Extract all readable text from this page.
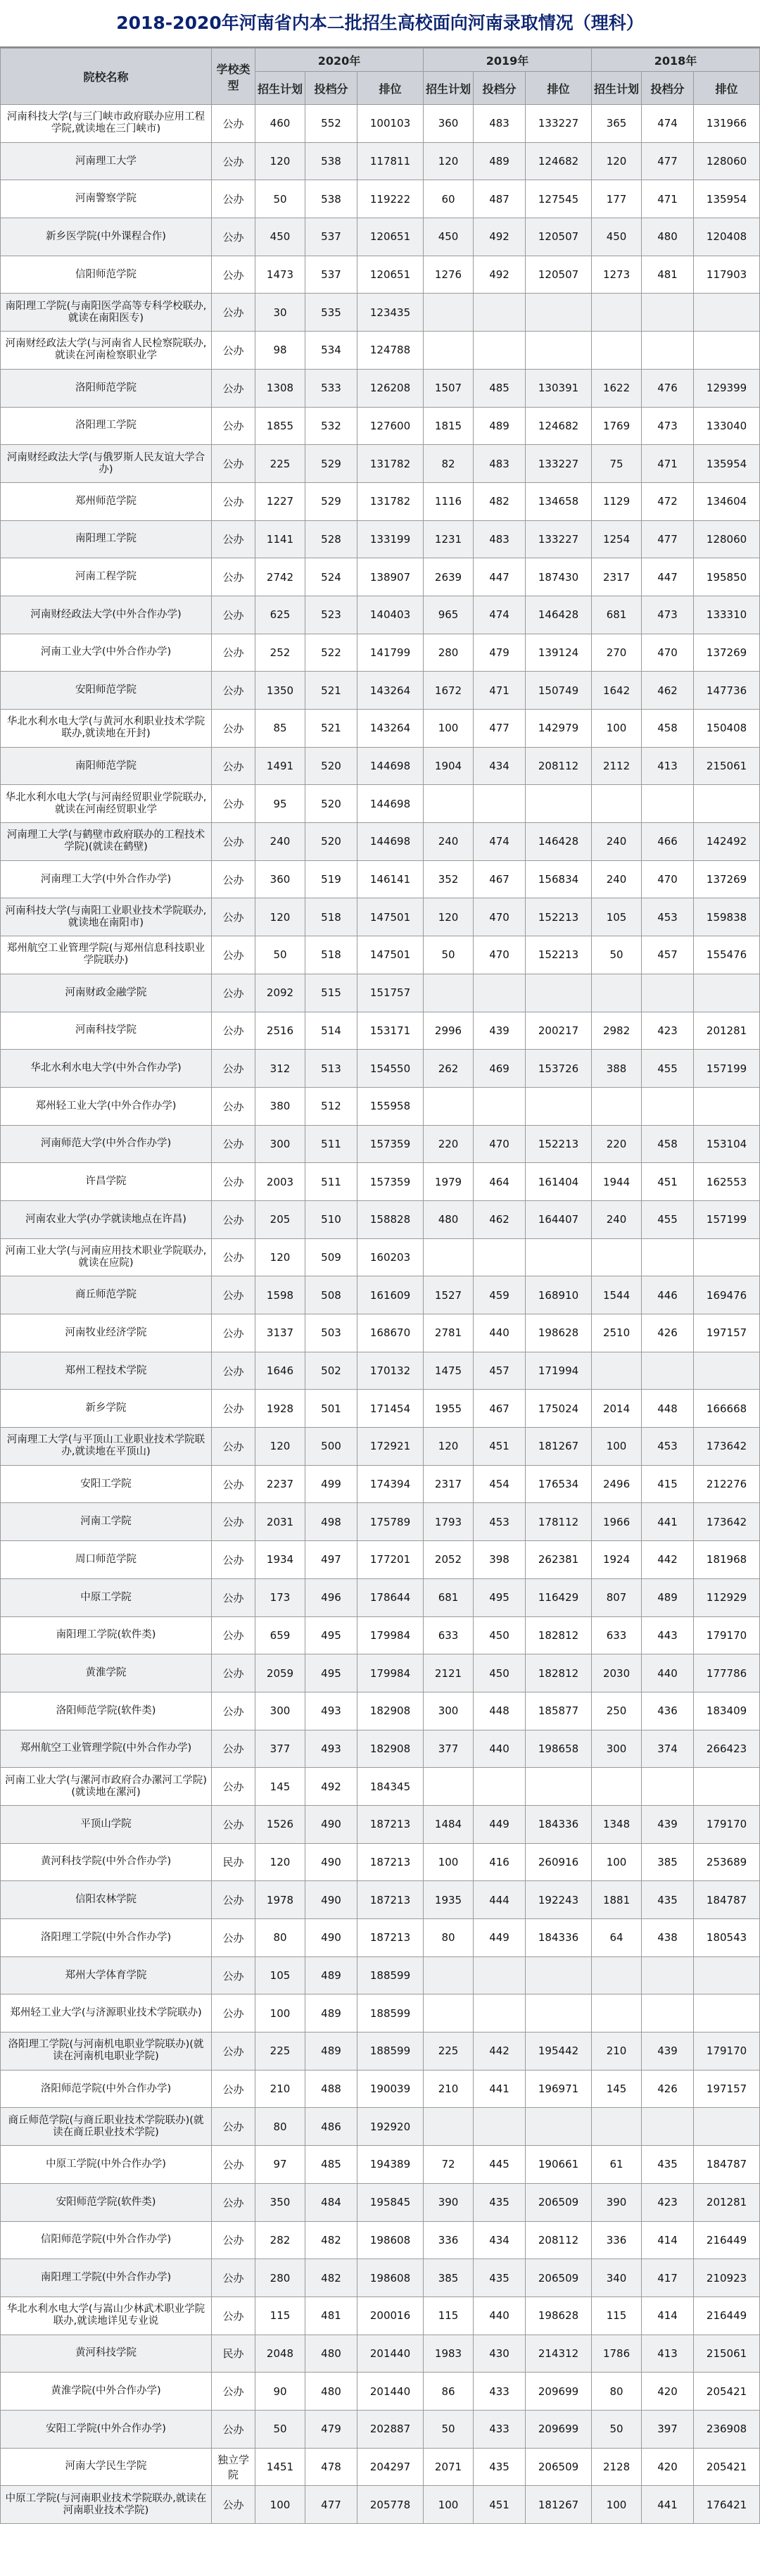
2018-2020年河南省内本二批招生高校面向河南录取情况（理科）
院校名称	学校类型	2020年			2019年			2018年		
		招生计划	投档分	排位	招生计划	投档分	排位	招生计划	投档分	排位
河南科技大学(与三门峡市政府联办应用工程学院,就读地在三门峡市)	公办	460	552	100103	360	483	133227	365	474	131966
河南理工大学	公办	120	538	117811	120	489	124682	120	477	128060
河南警察学院	公办	50	538	119222	60	487	127545	177	471	135954
新乡医学院(中外课程合作)	公办	450	537	120651	450	492	120507	450	480	120408
信阳师范学院	公办	1473	537	120651	1276	492	120507	1273	481	117903
南阳理工学院(与南阳医学高等专科学校联办,就读在南阳医专)	公办	30	535	123435						
河南财经政法大学(与河南省人民检察院联办,就读在河南检察职业学	公办	98	534	124788						
洛阳师范学院	公办	1308	533	126208	1507	485	130391	1622	476	129399
洛阳理工学院	公办	1855	532	127600	1815	489	124682	1769	473	133040
河南财经政法大学(与俄罗斯人民友谊大学合办)	公办	225	529	131782	82	483	133227	75	471	135954
郑州师范学院	公办	1227	529	131782	1116	482	134658	1129	472	134604
南阳理工学院	公办	1141	528	133199	1231	483	133227	1254	477	128060
河南工程学院	公办	2742	524	138907	2639	447	187430	2317	447	195850
河南财经政法大学(中外合作办学)	公办	625	523	140403	965	474	146428	681	473	133310
河南工业大学(中外合作办学)	公办	252	522	141799	280	479	139124	270	470	137269
安阳师范学院	公办	1350	521	143264	1672	471	150749	1642	462	147736
华北水利水电大学(与黄河水利职业技术学院联办,就读地在开封)	公办	85	521	143264	100	477	142979	100	458	150408
南阳师范学院	公办	1491	520	144698	1904	434	208112	2112	413	215061
华北水利水电大学(与河南经贸职业学院联办,就读在河南经贸职业学	公办	95	520	144698						
河南理工大学(与鹤壁市政府联办的工程技术学院)(就读在鹤壁)	公办	240	520	144698	240	474	146428	240	466	142492
河南理工大学(中外合作办学)	公办	360	519	146141	352	467	156834	240	470	137269
河南科技大学(与南阳工业职业技术学院联办,就读地在南阳市)	公办	120	518	147501	120	470	152213	105	453	159838
郑州航空工业管理学院(与郑州信息科技职业学院联办)	公办	50	518	147501	50	470	152213	50	457	155476
河南财政金融学院	公办	2092	515	151757						
河南科技学院	公办	2516	514	153171	2996	439	200217	2982	423	201281
华北水利水电大学(中外合作办学)	公办	312	513	154550	262	469	153726	388	455	157199
郑州轻工业大学(中外合作办学)	公办	380	512	155958						
河南师范大学(中外合作办学)	公办	300	511	157359	220	470	152213	220	458	153104
许昌学院	公办	2003	511	157359	1979	464	161404	1944	451	162553
河南农业大学(办学就读地点在许昌)	公办	205	510	158828	480	462	164407	240	455	157199
河南工业大学(与河南应用技术职业学院联办,就读在应院)	公办	120	509	160203						
商丘师范学院	公办	1598	508	161609	1527	459	168910	1544	446	169476
河南牧业经济学院	公办	3137	503	168670	2781	440	198628	2510	426	197157
郑州工程技术学院	公办	1646	502	170132	1475	457	171994			
新乡学院	公办	1928	501	171454	1955	467	175024	2014	448	166668
河南理工大学(与平顶山工业职业技术学院联办,就读地在平顶山)	公办	120	500	172921	120	451	181267	100	453	173642
安阳工学院	公办	2237	499	174394	2317	454	176534	2496	415	212276
河南工学院	公办	2031	498	175789	1793	453	178112	1966	441	173642
周口师范学院	公办	1934	497	177201	2052	398	262381	1924	442	181968
中原工学院	公办	173	496	178644	681	495	116429	807	489	112929
南阳理工学院(软件类)	公办	659	495	179984	633	450	182812	633	443	179170
黄淮学院	公办	2059	495	179984	2121	450	182812	2030	440	177786
洛阳师范学院(软件类)	公办	300	493	182908	300	448	185877	250	436	183409
郑州航空工业管理学院(中外合作办学)	公办	377	493	182908	377	440	198658	300	374	266423
河南工业大学(与漯河市政府合办漯河工学院)(就读地在漯河)	公办	145	492	184345						
平顶山学院	公办	1526	490	187213	1484	449	184336	1348	439	179170
黄河科技学院(中外合作办学)	民办	120	490	187213	100	416	260916	100	385	253689
信阳农林学院	公办	1978	490	187213	1935	444	192243	1881	435	184787
洛阳理工学院(中外合作办学)	公办	80	490	187213	80	449	184336	64	438	180543
郑州大学体育学院	公办	105	489	188599						
郑州轻工业大学(与济源职业技术学院联办)	公办	100	489	188599						
洛阳理工学院(与河南机电职业学院联办)(就读在河南机电职业学院)	公办	225	489	188599	225	442	195442	210	439	179170
洛阳师范学院(中外合作办学)	公办	210	488	190039	210	441	196971	145	426	197157
商丘师范学院(与商丘职业技术学院联办)(就读在商丘职业技术学院)	公办	80	486	192920						
中原工学院(中外合作办学)	公办	97	485	194389	72	445	190661	61	435	184787
安阳师范学院(软件类)	公办	350	484	195845	390	435	206509	390	423	201281
信阳师范学院(中外合作办学)	公办	282	482	198608	336	434	208112	336	414	216449
南阳理工学院(中外合作办学)	公办	280	482	198608	385	435	206509	340	417	210923
华北水利水电大学(与嵩山少林武术职业学院联办,就读地详见专业说	公办	115	481	200016	115	440	198628	115	414	216449
黄河科技学院	民办	2048	480	201440	1983	430	214312	1786	413	215061
黄淮学院(中外合作办学)	公办	90	480	201440	86	433	209699	80	420	205421
安阳工学院(中外合作办学)	公办	50	479	202887	50	433	209699	50	397	236908
河南大学民生学院	独立学院	1451	478	204297	2071	435	206509	2128	420	205421
中原工学院(与河南职业技术学院联办,就读在河南职业技术学院)	公办	100	477	205778	100	451	181267	100	441	176421
